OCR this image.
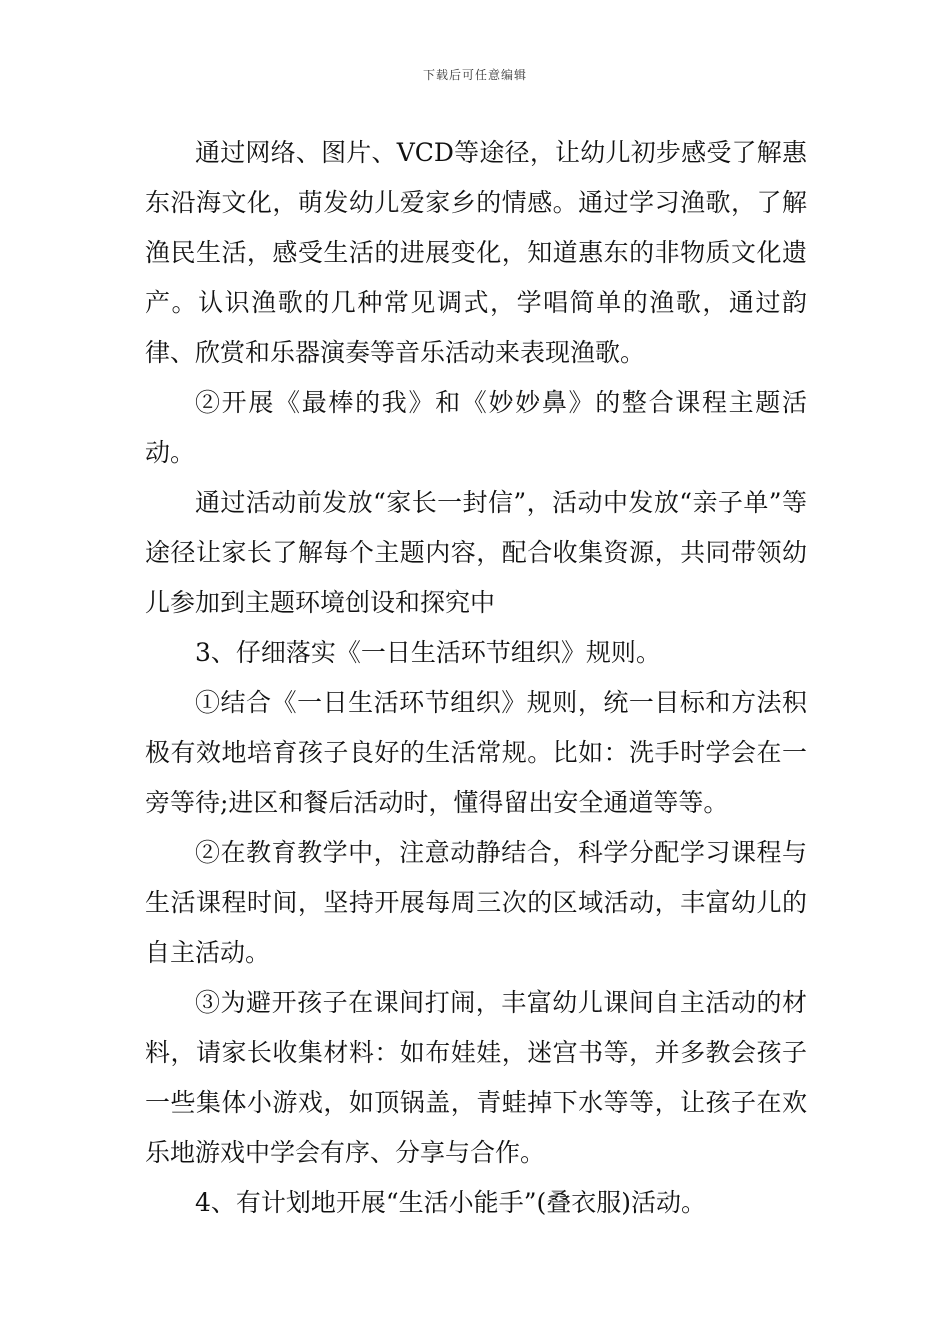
下载后可任意编辑

通过网络、图片、VCD等途径，让幼儿初步感受了解惠东沿海文化，萌发幼儿爱家乡的情感。通过学习渔歌，了解渔民生活，感受生活的进展变化，知道惠东的非物质文化遗产。认识渔歌的几种常见调式，学唱简单的渔歌，通过韵律、欣赏和乐器演奏等音乐活动来表现渔歌。

②开展《最棒的我》和《妙妙鼻》的整合课程主题活动。

通过活动前发放“家长一封信”，活动中发放“亲子单”等途径让家长了解每个主题内容，配合收集资源，共同带领幼儿参加到主题环境创设和探究中

3、仔细落实《一日生活环节组织》规则。

①结合《一日生活环节组织》规则，统一目标和方法积极有效地培育孩子良好的生活常规。比如：洗手时学会在一旁等待;进区和餐后活动时，懂得留出安全通道等等。

②在教育教学中，注意动静结合，科学分配学习课程与生活课程时间，坚持开展每周三次的区域活动，丰富幼儿的自主活动。

③为避开孩子在课间打闹，丰富幼儿课间自主活动的材料，请家长收集材料：如布娃娃，迷宫书等，并多教会孩子一些集体小游戏，如顶锅盖，青蛙掉下水等等，让孩子在欢乐地游戏中学会有序、分享与合作。

4、有计划地开展“生活小能手”(叠衣服)活动。
